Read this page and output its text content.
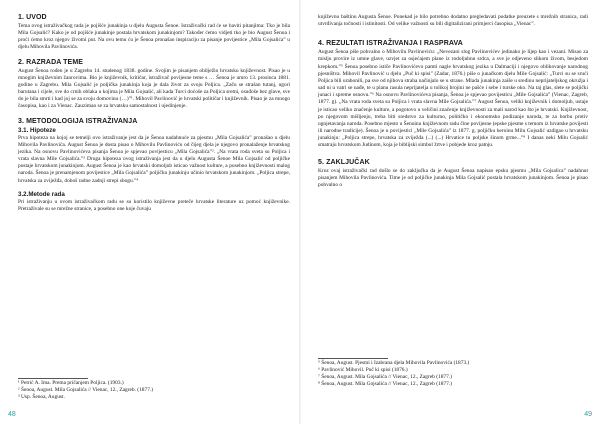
1. UVOD

Tema ovog istraživačkog rada je pojišće junakinja u djelu Augusta Šenoe. Istraživački rad će se baviti pitanjima: Tko je bila Mila Gojsalić? Kako je od pojišće junakinje postala hrvatskom junakinjom? Također ćemo vidjeti tko je bio August Šenoa i proći ćemo kroz njegov životni put. Na ovu temu ću je Šenoa pronašao inspiraciju za pisanje povijestice „Mila Gojsalića” u djelu Mihovila Pavlinovića.

2. RAZRADA TEME

August Šenoa rođen je u Zagrebu 14. studenog 1838. godine. Svojim je pisanjem obilježio hrvatsku književnost. Pisao je u mnogim književnim žanrovima. Bio je književnik, kritičar, istraživač povijesne teme s … Šenoa je umro 13. prosinca 1881. godine u Zagrebu. Mila Gojsalić je poljička junakinja koja je dala život za svoju Poljica. „Začu se strašan tutanj, ugori barutana i cijele, sve do crnih oblaka u kojima je Mila Gojsalić, ali kada Turci doćoše za Poljica sretni, osuđoše bez glave, sve do je bila smrti i kad joj se za svoju domovinu (…)”¹. Mihovil Pavlinović je hrvatski političar i književnik. Pisao je za mnogo časopisa, kao i za Vienac. Zauzimao se za hrvatsku samostalnost i ujedinjenje.

3. METODOLOGIJA ISTRAŽIVANJA
3.1. Hipoteze

Prva hipoteza na kojoj se temelji ovo istraživanje jest da je Šenoa nadahnuće za pjesmu „Mila Gojsalića” pronašao u djelu Mihovila Pavlinovića. August Šenoa je dosta pisao o Mihovilu Pavlinoviću od čijeg djela je njegovo pronalaženje hrvatskog jezika. Na osnovu Pavlinovićeva pisanja Šenoa je spjevao povijesticu „Mila Gojsalića”². „Na vrata roda sveta su Poljica i vrata slavna Mile Gojsalića.”³ Druga hipoteza ovog istraživanja jest da u djelu Augusta Šenoe Mila Gojsalić od poljičke postaje hrvatskom junakinjom. August Šenoa je kao hrvatski domoljub isticao važnost kulture, a posebno književnosti malog naroda. Šenoa je prenamjenom povijestice „Mila Gojsalića” poljičku junakinju učinio hrvatskom junakinjom. „Poljica strepe, hrvatska za zviježđa, doboš radne zadnji strepi sbogu.”⁴

3.2.Metode rada

Pri istraživanju u ovom istraživačkom radu se su koristilo književne preteče hrvatske literature uz pomoć književnike. Pretraživale su se mrežne stranice, a posebno one koje čuvaju

¹ Petrić A. Ima. Prema pričanjem Poljica. (1903.)

² Šenoa, August. Mila Gojsalića // Vienac, 12., Zagreb. (1877.)

³ Usp. Šenoa, August.

48

književnu baštinu Augusta Šenoe. Ponekad je bilo potrebno dodatno pregledavati podatke preuzete s mrežnih stranica, radi utvrđivanja točnosti i istinitosti. Od velike važnosti su bili digitalizirani primjerci časopisa „Vienac”.

4. REZULTATI ISTRAŽIVANJA I RASPRAVA

August Šenoa piše pohvalno o Mihovilu Pavlinoviću: „Nevezani slog Pavlinovićev jedinako je lijep kao i vezani. Misao za mislju provire iz umne glave, uzvjet za osjećajem plane iz rodoljubnu srdca, a sve je odjeveno slikom živom, besjedom krepkom.”⁵ Šenoa posebno ističe Pavlinovićevo pamti nagle hrvatskog jezika u Dalmaciji i njegovo oblikovanje narodnog pjesništva. Mihovil Pavlinović u djelu „Puč ki spisi” (Zadar, 1876.) piše o junačkom djelu Mile Gojsalić: „Turci su se srući Poljica bili urabonili, pa sve od njihova straha načinjalo se u strane. Mlada junakinja zaiše u sredinu neprijateljskog okružja i sad ni u vatri se nađe, te u planu rasula neprijatelja u tolikoj brojini ne pašće i sebe i turske oko. Na taj glas, slete se poljički junaci i spreme osnovu.”⁶ Na osnovu Pavlinovićeva pisanja, Šenoa je spjevao povijesticu „Mile Gojsalića” (Vienac, Zagreb, 1877. g). „Na vrata roda sveta su Poljica i vrata slavna Mile Gojsalića.”⁷ August Šenoa, veliki književnik i domoljub, ustaje je isticao veliko značenje kulture, a pogotovo u veličini značenje književnosti za mali narod kao što je hrvatski. Književnost, po njegovom mišljenju, treba biti sredstvo za kulturno, političko i ekonomsko podizanje naroda, te za borbu protiv ugnjetavanja naroda. Posebno mjesto u Šenoinu književnom radu čine povijesne (epske pjesme s temom iz hrvatske povijesti ili narodne tradicije). Šenoa je u povijestici „Mile Gojsalića” iz 1877. g. poljičku heroinu Milu Gojsalić uzdigao u hrvatsku junakinju: „Poljica strepe, hrvatska za zviježđa (...) (...) Hrvatice tu poljske šinom grme...”⁸ I danas neki Milu Gojsalić smatraju hrvatskom Judinom, koja je biblijski simbol žrtve i pobjede kroz patnju.

5. ZAKLJUČAK

Kroz ovaj istraživački rad došlo se do zaključka da je August Šenoa napisao epsku pjesmu „Mila Gojsalica” nadahnut pisanjem Mihovila Pavlinovića. Time je od poljičke junakinja Mila Gojsalić postala hrvatskom junakinjom. Šenoa je pisao pohvalno o

⁵ Šenoa, August. Pjesmi i Izabrana djela Mihovila Pavlinovića (1873.)

⁶ Pavlinović Mihovil. Puč ki spisi (1876.)

⁷ Šenoa, August. Mila Gojsalića // Vienac, 12., Zagreb (1877.)

⁸ Šenoa, August. Mila Gojsalića // Vienac, 12., Zagreb (1877.)

49
